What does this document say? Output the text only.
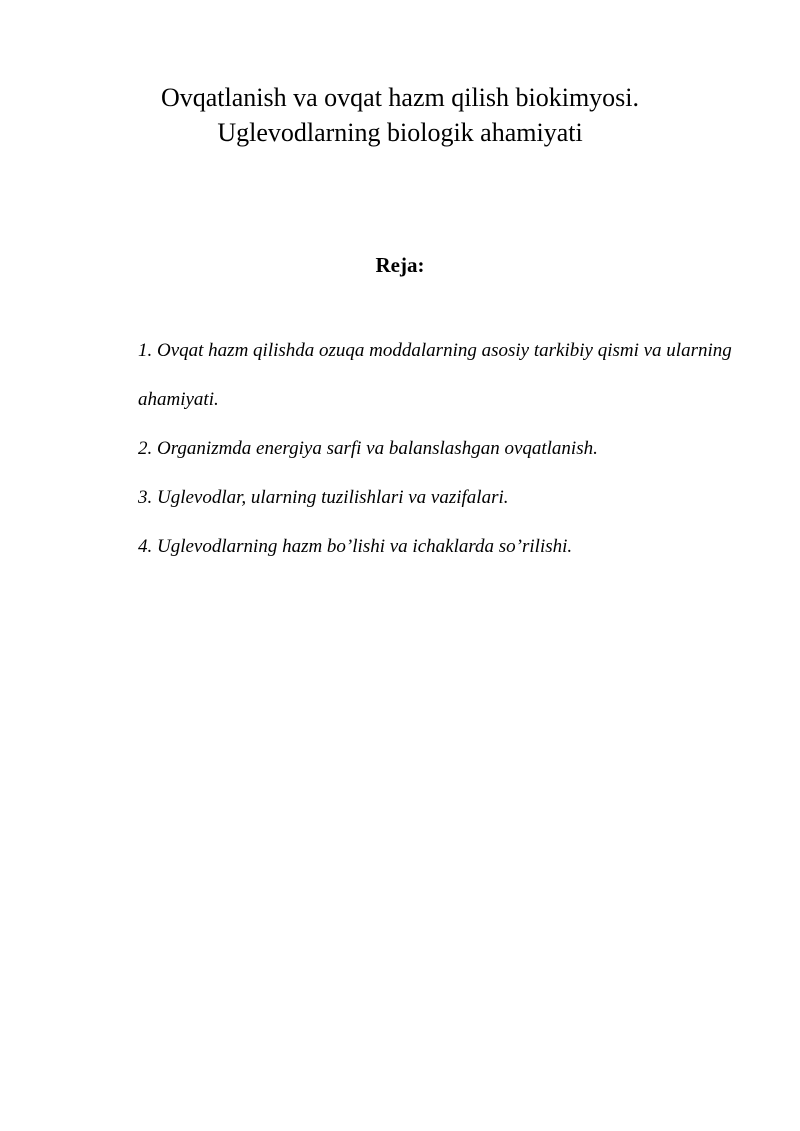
Ovqatlanish va ovqat hazm qilish biokimyosi.
Uglevodlarning biologik ahamiyati
Reja:

1. Ovqat hazm qilishda ozuqa moddalarning asosiy tarkibiy qismi va ularning ahamiyati.

2. Organizmda energiya sarfi va balanslashgan ovqatlanish.

3. Uglevodlar, ularning tuzilishlari va vazifalari.

4. Uglevodlarning hazm bo’lishi va ichaklarda so’rilishi.
